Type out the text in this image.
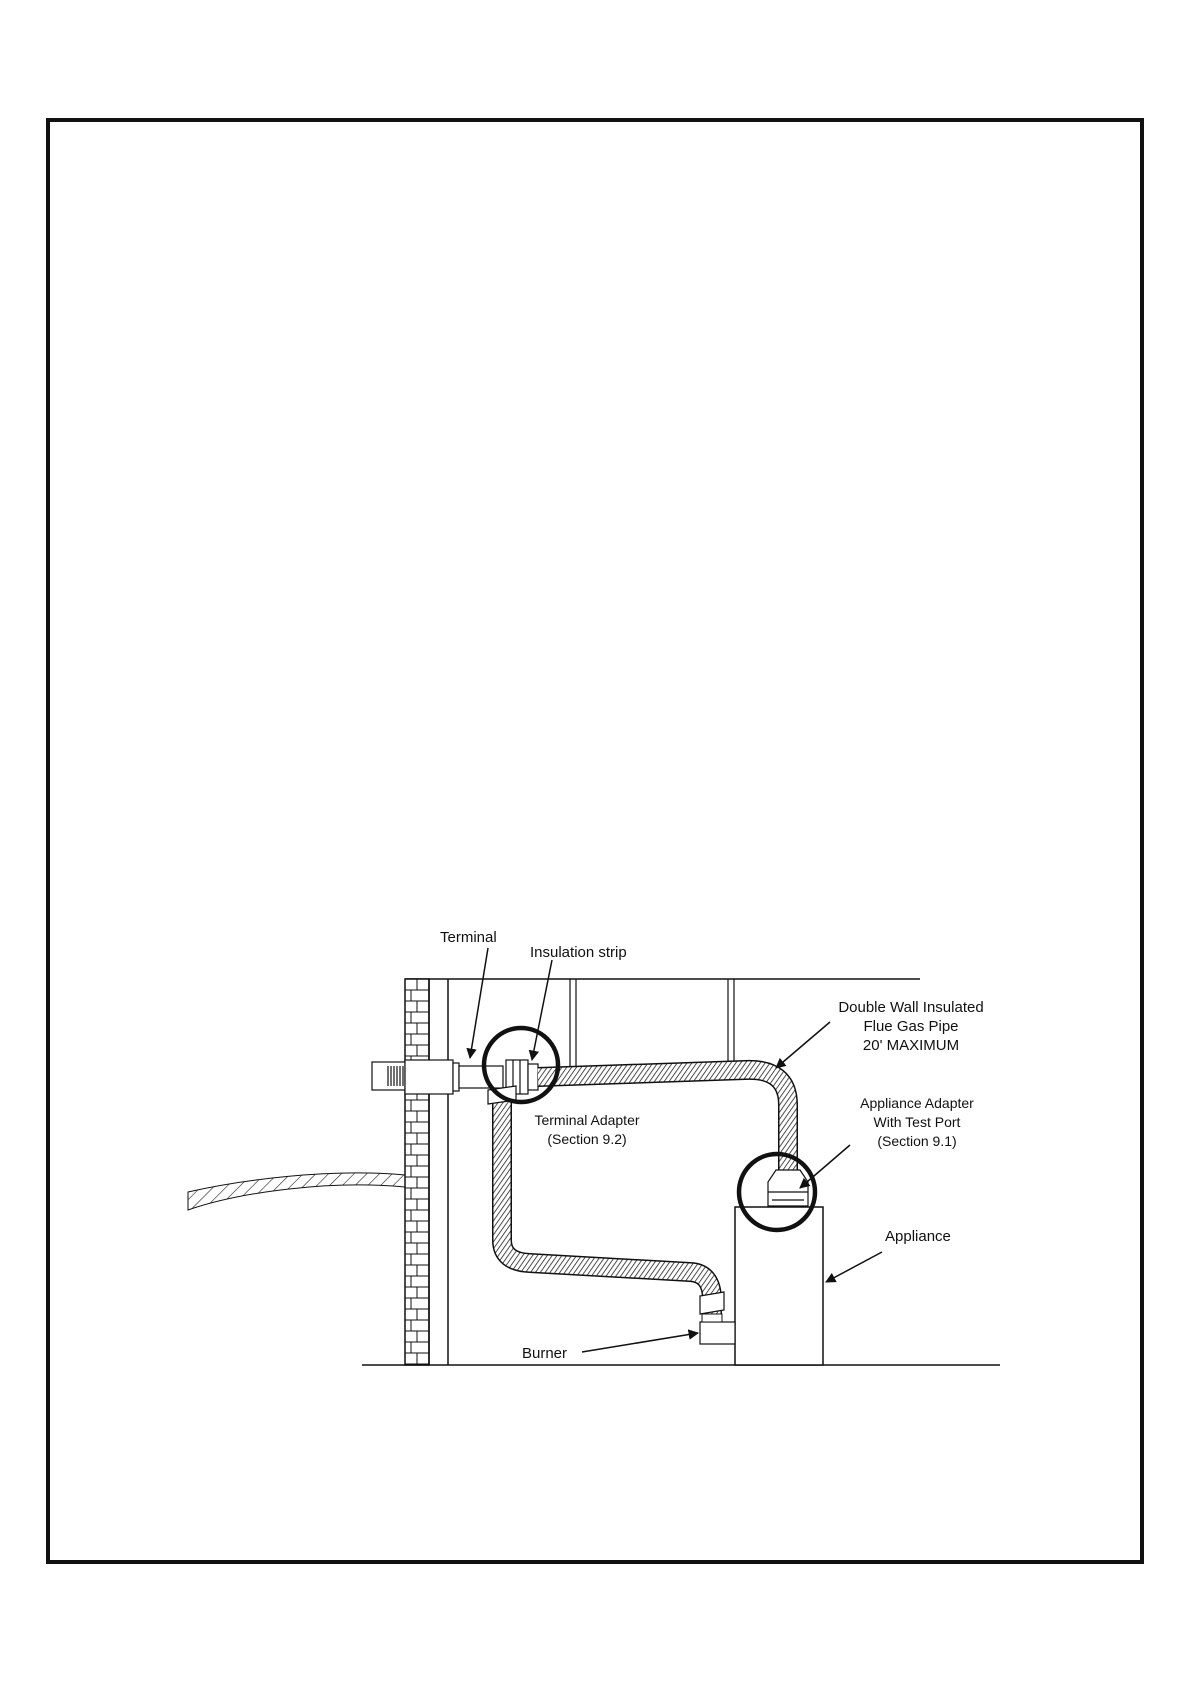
Terminal
Insulation strip
Double Wall Insulated
Flue Gas Pipe
20' MAXIMUM
Appliance Adapter
With Test Port
(Section 9.1)
Terminal Adapter
(Section 9.2)
Appliance
Burner
